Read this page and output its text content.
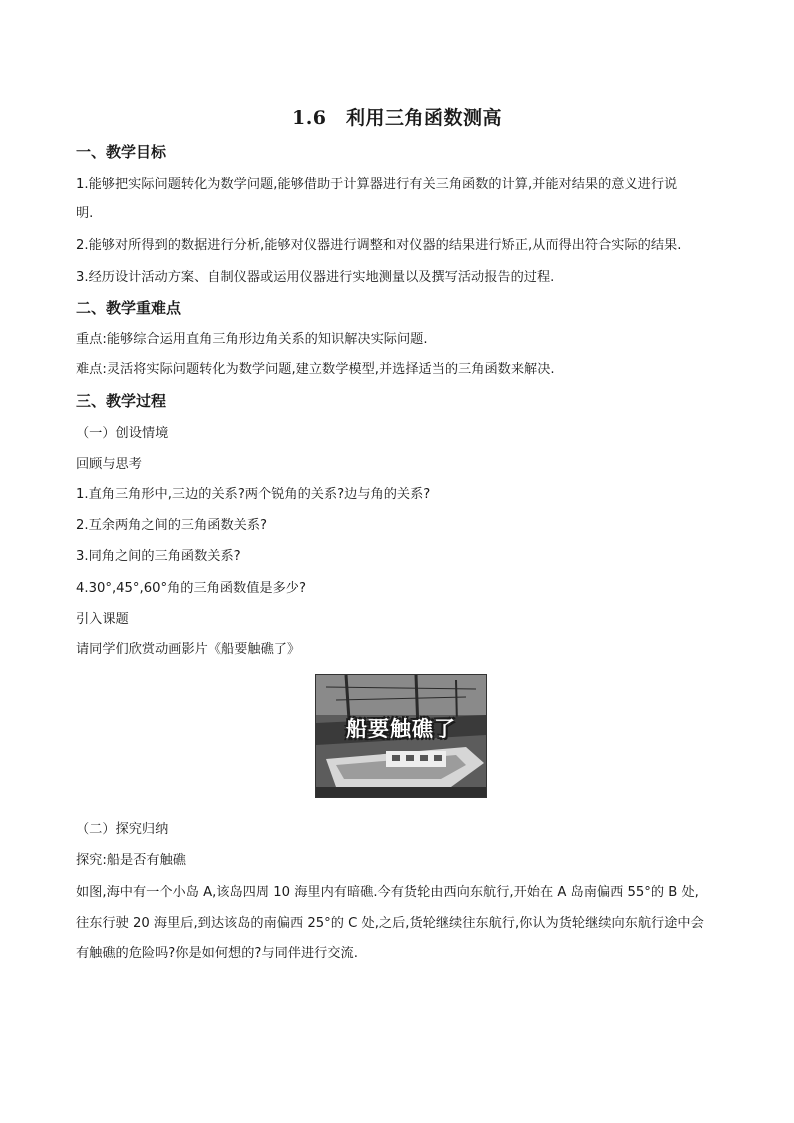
1.6　利用三角函数测高
一、教学目标
1.能够把实际问题转化为数学问题,能够借助于计算器进行有关三角函数的计算,并能对结果的意义进行说
明.
2.能够对所得到的数据进行分析,能够对仪器进行调整和对仪器的结果进行矫正,从而得出符合实际的结果.
3.经历设计活动方案、自制仪器或运用仪器进行实地测量以及撰写活动报告的过程.
二、教学重难点
重点:能够综合运用直角三角形边角关系的知识解决实际问题.
难点:灵活将实际问题转化为数学问题,建立数学模型,并选择适当的三角函数来解决.
三、教学过程
（一）创设情境
回顾与思考
1.直角三角形中,三边的关系?两个锐角的关系?边与角的关系?
2.互余两角之间的三角函数关系?
3.同角之间的三角函数关系?
4.30°,45°,60°角的三角函数值是多少?
引入课题
请同学们欣赏动画影片《船要触礁了》
船要触礁了
（二）探究归纳
探究:船是否有触礁
如图,海中有一个小岛 A,该岛四周 10 海里内有暗礁.今有货轮由西向东航行,开始在 A 岛南偏西 55°的 B 处,
往东行驶 20 海里后,到达该岛的南偏西 25°的 C 处,之后,货轮继续往东航行,你认为货轮继续向东航行途中会
有触礁的危险吗?你是如何想的?与同伴进行交流.
